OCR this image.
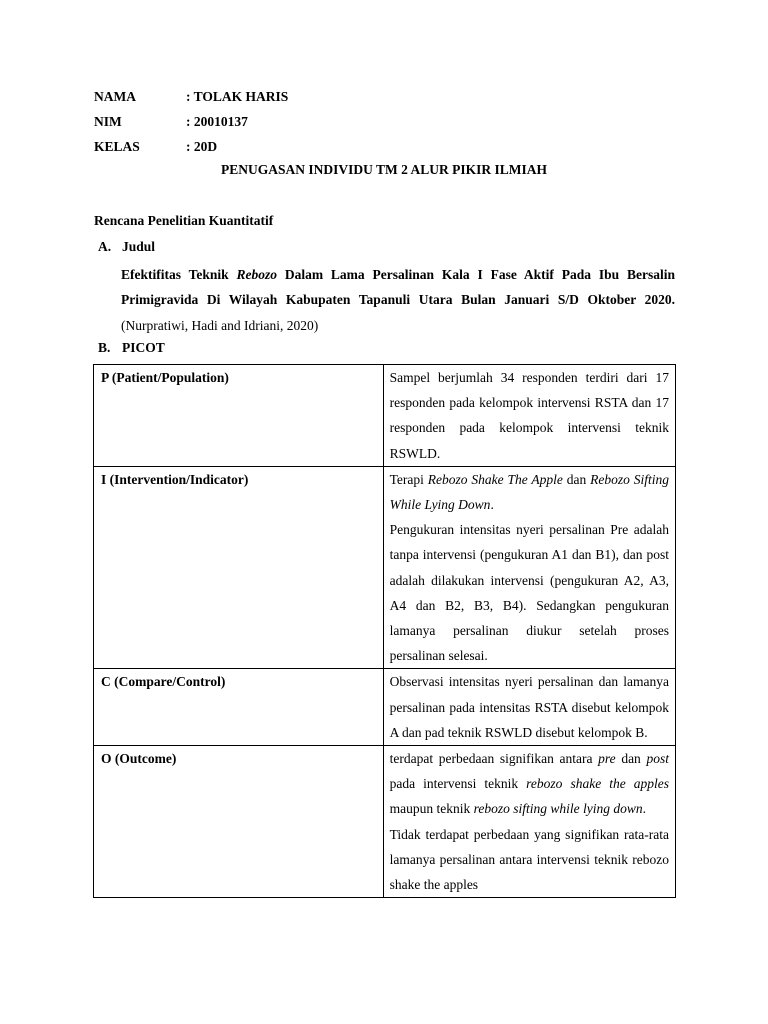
NAMA	: TOLAK HARIS
NIM	: 20010137
KELAS	: 20D
PENUGASAN INDIVIDU TM 2 ALUR PIKIR ILMIAH
Rencana Penelitian Kuantitatif
A. Judul
Efektifitas Teknik Rebozo Dalam Lama Persalinan Kala I Fase Aktif Pada Ibu Bersalin Primigravida Di Wilayah Kabupaten Tapanuli Utara Bulan Januari S/D Oktober 2020. (Nurpratiwi, Hadi and Idriani, 2020)
B. PICOT
P (Patient/Population)	Sampel berjumlah 34 responden terdiri dari 17 responden pada kelompok intervensi RSTA dan 17 responden pada kelompok intervensi teknik RSWLD.
I (Intervention/Indicator)	Terapi Rebozo Shake The Apple dan Rebozo Sifting While Lying Down.

Pengukuran intensitas nyeri persalinan Pre adalah tanpa intervensi (pengukuran A1 dan B1), dan post adalah dilakukan intervensi (pengukuran A2, A3, A4 dan B2, B3, B4). Sedangkan pengukuran lamanya persalinan diukur setelah proses persalinan selesai.

C (Compare/Control)	Observasi intensitas nyeri persalinan dan lamanya persalinan pada intensitas RSTA disebut kelompok A dan pad teknik RSWLD disebut kelompok B.
O (Outcome)	terdapat perbedaan signifikan antara pre dan post pada intervensi teknik rebozo shake the apples maupun teknik rebozo sifting while lying down.

Tidak terdapat perbedaan yang signifikan rata-rata lamanya persalinan antara intervensi teknik rebozo shake the apples
